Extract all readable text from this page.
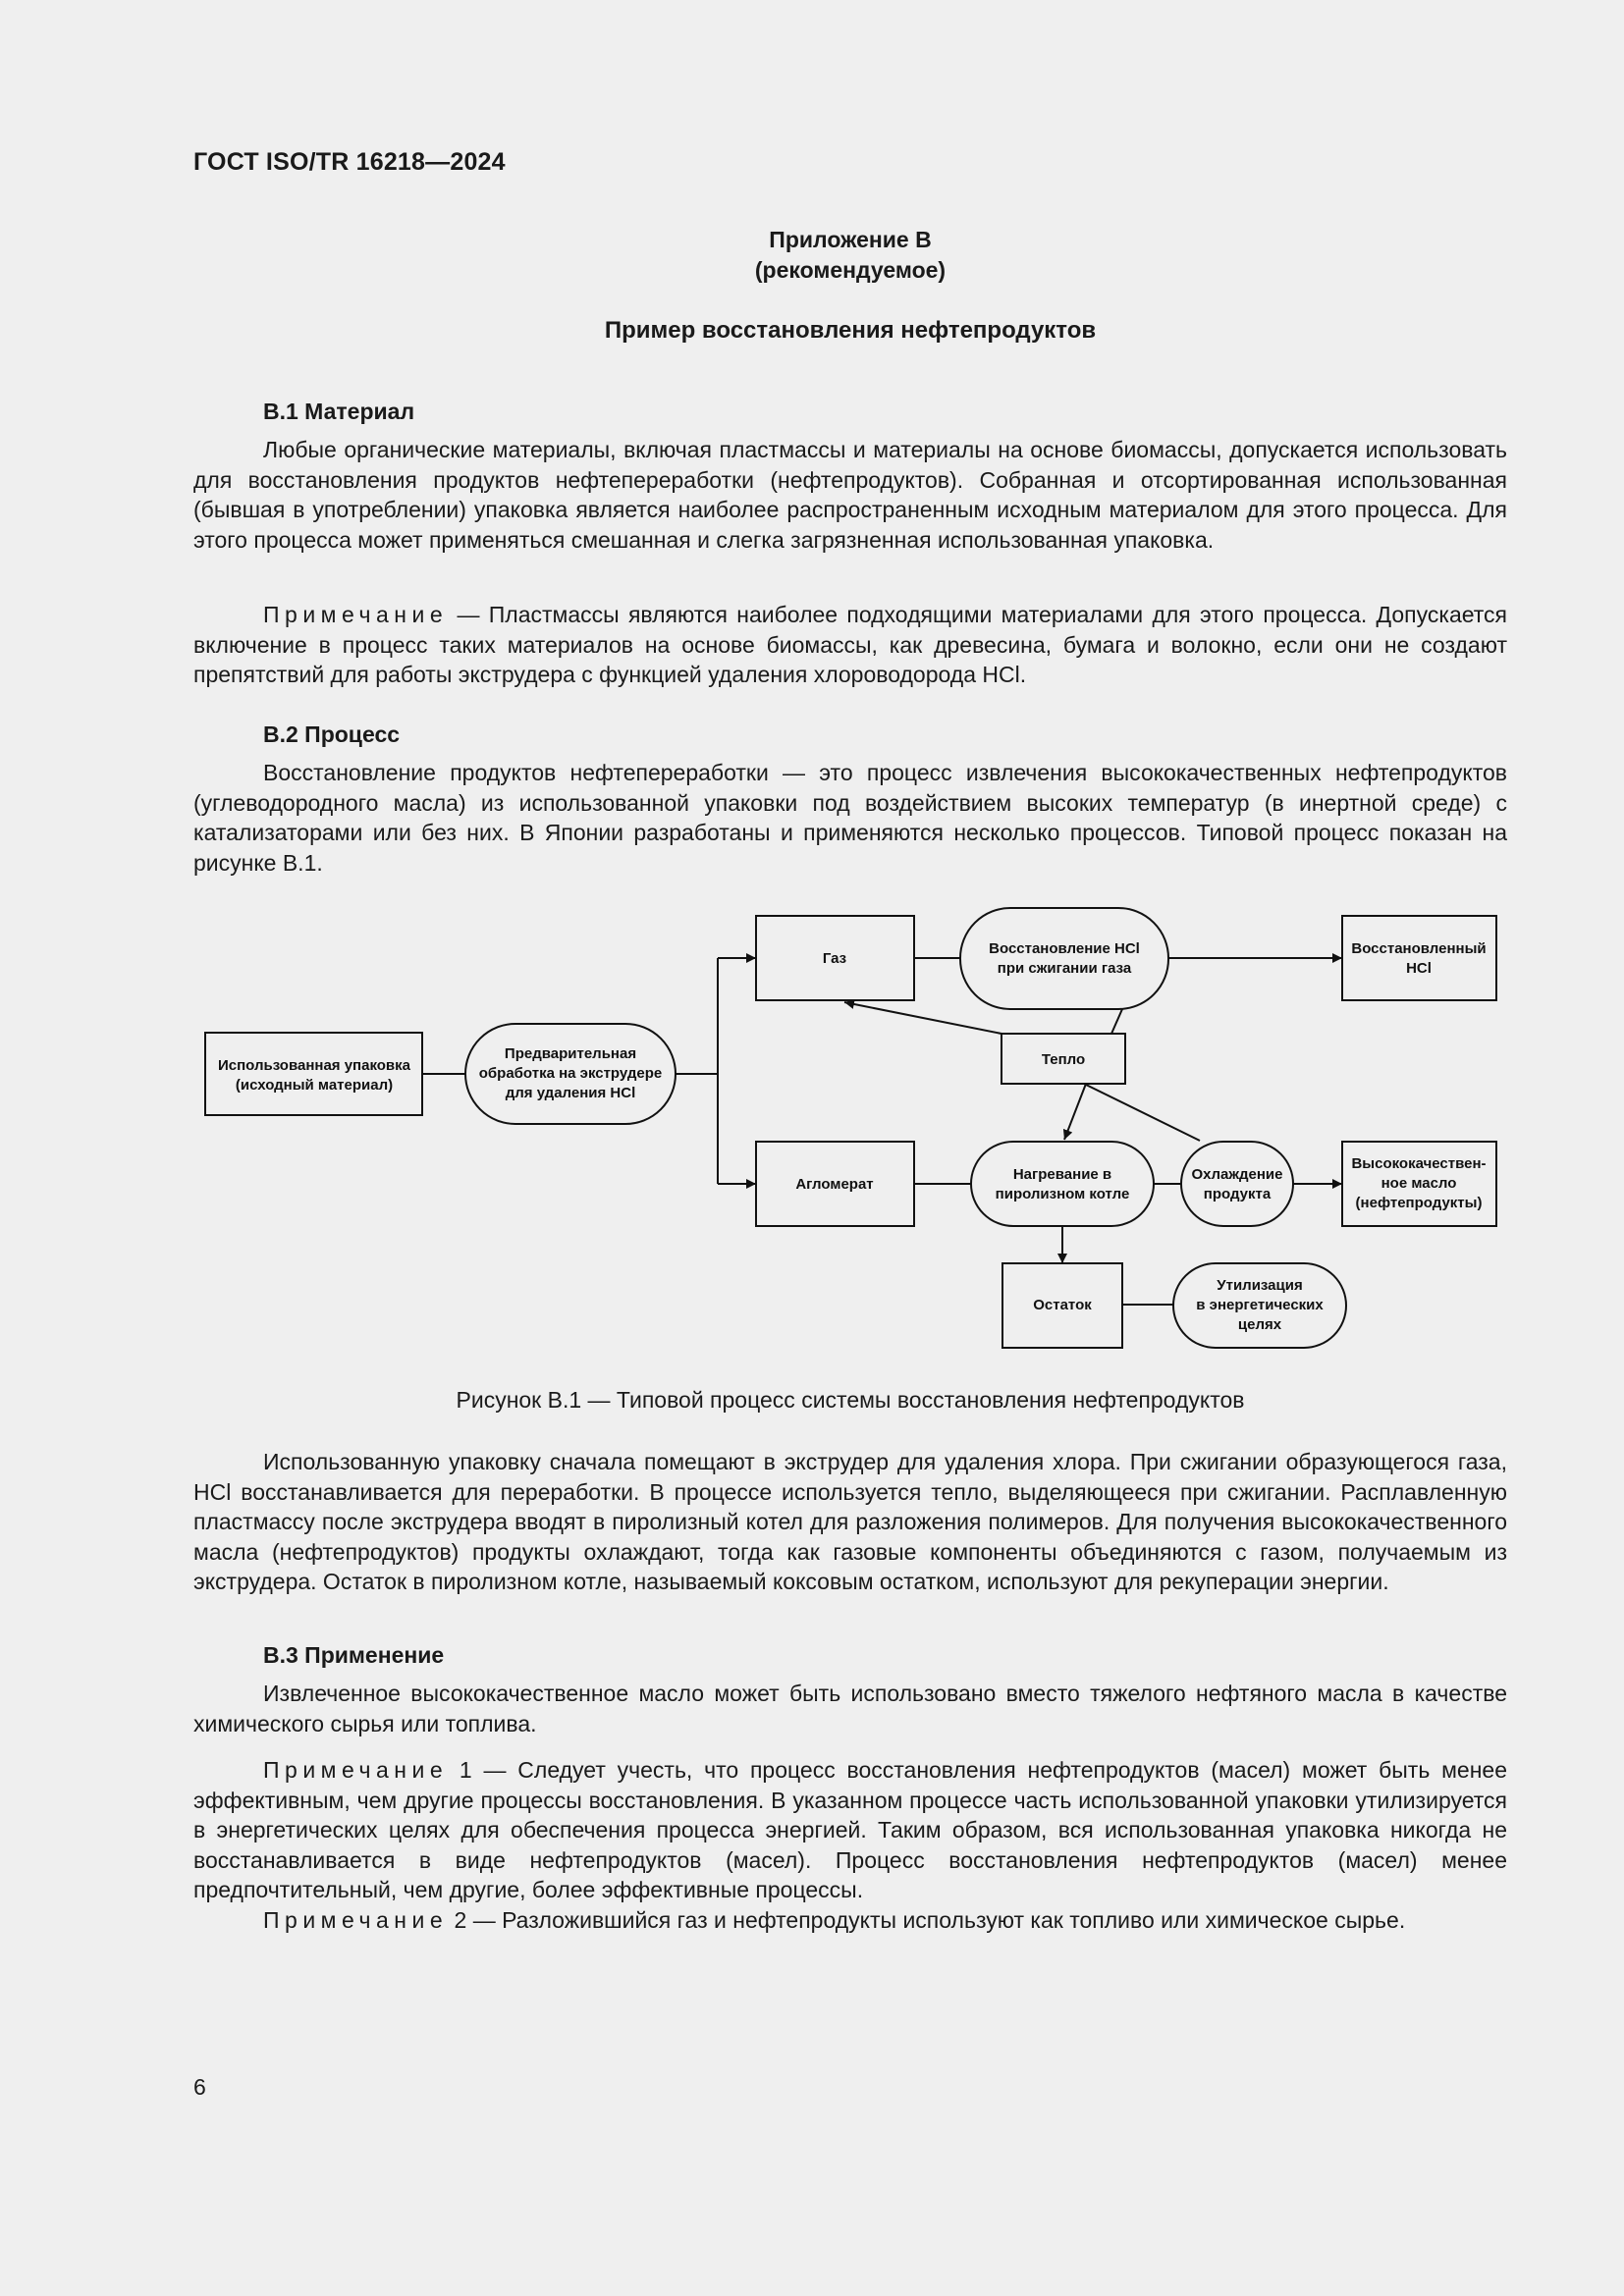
ГОСТ ISO/TR 16218—2024

Приложение B
(рекомендуемое)

Пример восстановления нефтепродуктов

B.1 Материал

Любые органические материалы, включая пластмассы и материалы на основе биомассы, допускается использовать для восстановления продуктов нефтепереработки (нефтепродуктов). Собранная и отсортированная использованная (бывшая в употреблении) упаковка является наиболее распространенным исходным материалом для этого процесса. Для этого процесса может применяться смешанная и слегка загрязненная использованная упаковка.

Примечание — Пластмассы являются наиболее подходящими материалами для этого процесса. Допускается включение в процесс таких материалов на основе биомассы, как древесина, бумага и волокно, если они не создают препятствий для работы экструдера с функцией удаления хлороводорода HCl.

B.2 Процесс

Восстановление продуктов нефтепереработки — это процесс извлечения высококачественных нефтепродуктов (углеводородного масла) из использованной упаковки под воздействием высоких температур (в инертной среде) с катализаторами или без них. В Японии разработаны и применяются несколько процессов. Типовой процесс показан на рисунке B.1.

Использованная упаковка
(исходный материал)
Предварительная
обработка на экструдере
для удаления HCl
Газ
Восстановление HCl
при сжигании газа
Восстановленный
HCl
Тепло
Агломерат
Нагревание в
пиролизном котле
Охлаждение
продукта
Высококачествен-
ное масло
(нефтепродукты)
Остаток
Утилизация
в энергетических
целях

Рисунок B.1 — Типовой процесс системы восстановления нефтепродуктов

Использованную упаковку сначала помещают в экструдер для удаления хлора. При сжигании образующегося газа, HCl восстанавливается для переработки. В процессе используется тепло, выделяющееся при сжигании. Расплавленную пластмассу после экструдера вводят в пиролизный котел для разложения полимеров. Для получения высококачественного масла (нефтепродуктов) продукты охлаждают, тогда как газовые компоненты объединяются с газом, получаемым из экструдера. Остаток в пиролизном котле, называемый коксовым остатком, используют для рекуперации энергии.

B.3 Применение

Извлеченное высококачественное масло может быть использовано вместо тяжелого нефтяного масла в качестве химического сырья или топлива.

Примечание 1 — Следует учесть, что процесс восстановления нефтепродуктов (масел) может быть менее эффективным, чем другие процессы восстановления. В указанном процессе часть использованной упаковки утилизируется в энергетических целях для обеспечения процесса энергией. Таким образом, вся использованная упаковка никогда не восстанавливается в виде нефтепродуктов (масел). Процесс восстановления нефтепродуктов (масел) менее предпочтительный, чем другие, более эффективные процессы.

Примечание 2 — Разложившийся газ и нефтепродукты используют как топливо или химическое сырье.

6
